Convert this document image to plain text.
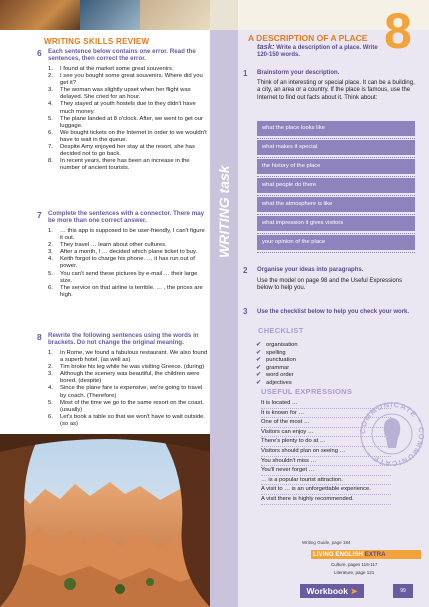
WRITING SKILLS REVIEW
6 Each sentence below contains one error. Read the sentences, then correct the error.
1.	I found at the market some great souvenirs.
2.	I see you bought some great souvenirs. Where did you get it?
3.	The woman was slightly upset when her flight was delayed. She cried for an hour.
4.	They stayed at youth hostels due to they didn't have much money.
5.	The plane landed at 8 o'clock. After, we went to get our luggage.
6.	We bought tickets on the Internet in order to we wouldn't have to wait in the queue.
7.	Despite Amy enjoyed her stay at the resort, she has decided not to go back.
8.	In recent years, there has been an increase in the number of ancient tourists.
7 Complete the sentences with a connector. There may be more than one correct answer.
1.	… this app is supposed to be user-friendly, I can't figure it out.
2.	They travel … learn about other cultures.
3.	After a month, I … decided which plane ticket to buy.
4.	Keith forgot to charge his phone. … it has run out of power.
5.	You can't send these pictures by e-mail … their large size.
6.	The service on that airline is terrible. … , the prices are high.
8 Rewrite the following sentences using the words in brackets. Do not change the original meaning.
1.	In Rome, we found a fabulous restaurant. We also found a superb hotel. (as well as)
2.	Tim broke his leg while he was visiting Greece. (during)
3.	Although the scenery was beautiful, the children were bored. (despite)
4.	Since the plane fare is expensive, we're going to travel by coach. (Therefore)
5.	Most of the time we go to the same resort on the coast. (usually)
6.	Let's book a table so that we won't have to wait outside. (so as)
WRITING task
8
A DESCRIPTION OF A PLACE
task: Write a description of a place. Write 120-150 words.
1 Brainstorm your description.
Think of an interesting or special place. It can be a building, a city, an area or a country. If the place is famous, use the Internet to find out facts about it. Think about:
what the place looks like
what makes it special
the history of the place
what people do there
what the atmosphere is like
what impression it gives visitors
your opinion of the place
2 Organise your ideas into paragraphs.
Use the model on page 98 and the Useful Expressions below to help you.
3 Use the checklist below to help you check your work.
CHECKLIST
✔ organisation
✔ spelling
✔ punctuation
✔ grammar
✔ word order
✔ adjectives
USEFUL EXPRESSIONS
It is located …
It is known for …
One of the most …
Visitors can enjoy …
There's plenty to do at …
Visitors should plan on seeing …
You shouldn't miss …
You'll never forget …
… is a popular tourist attraction.
A visit to … is an unforgettable experience.
A visit there is highly recommended.
COMMUNICATE * COMMUNICATE *
Writing Guide, page 184
LIVING ENGLISH EXTRA
Culture, pages 116-117
Literature, page 121
Workbook ➤	99
